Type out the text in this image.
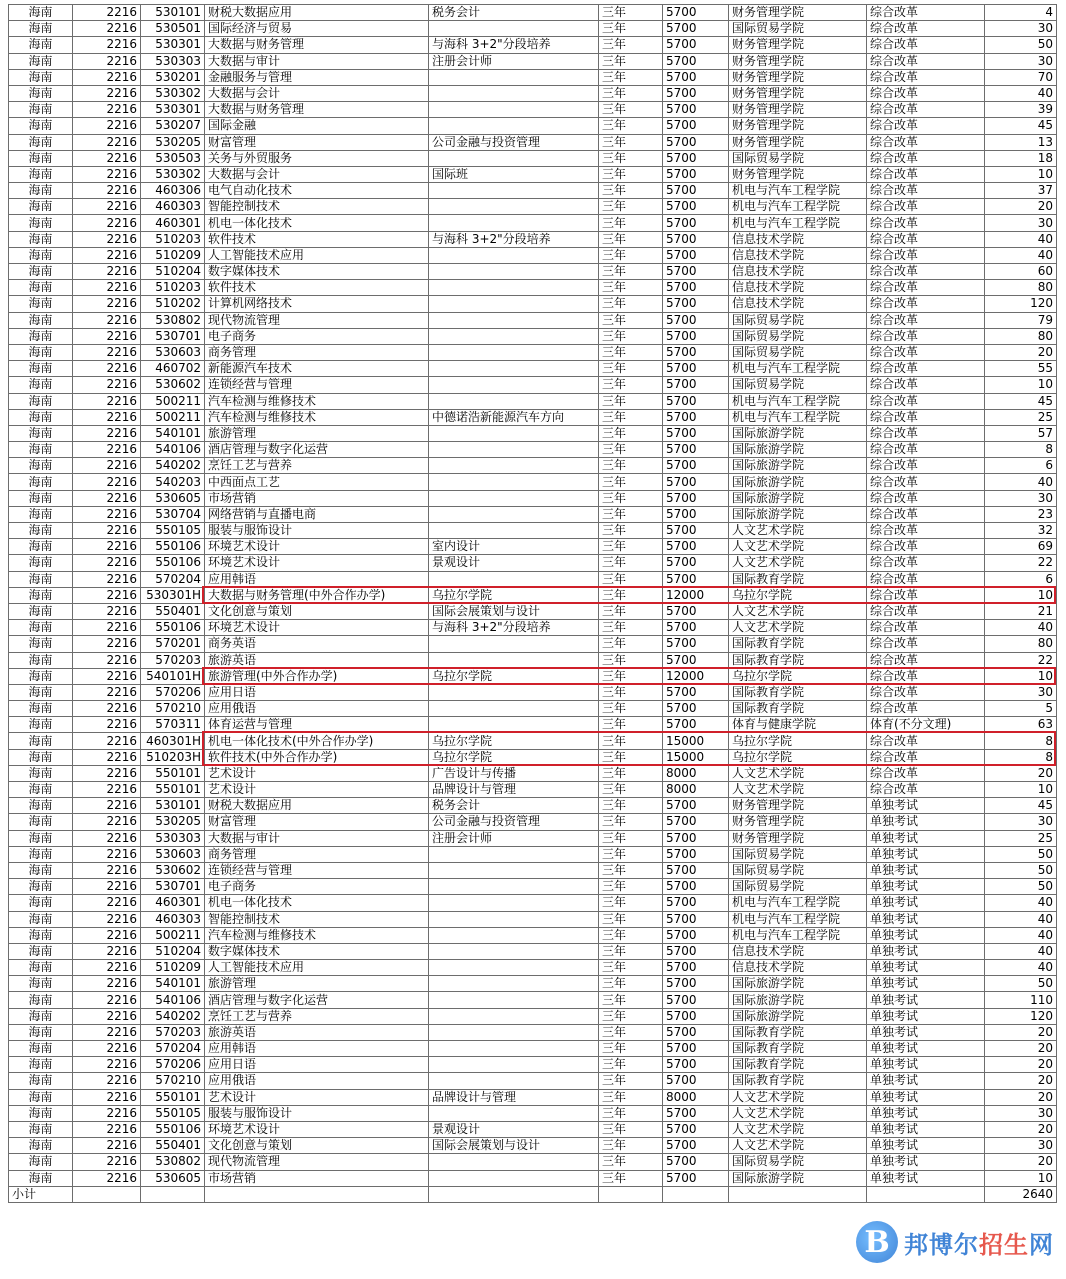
海南	2216	530101	财税大数据应用	税务会计	三年	5700	财务管理学院	综合改革	4
海南	2216	530501	国际经济与贸易		三年	5700	国际贸易学院	综合改革	30
海南	2216	530301	大数据与财务管理	与海科 3+2"分段培养	三年	5700	财务管理学院	综合改革	50
海南	2216	530303	大数据与审计	注册会计师	三年	5700	财务管理学院	综合改革	30
海南	2216	530201	金融服务与管理		三年	5700	财务管理学院	综合改革	70
海南	2216	530302	大数据与会计		三年	5700	财务管理学院	综合改革	40
海南	2216	530301	大数据与财务管理		三年	5700	财务管理学院	综合改革	39
海南	2216	530207	国际金融		三年	5700	财务管理学院	综合改革	45
海南	2216	530205	财富管理	公司金融与投资管理	三年	5700	财务管理学院	综合改革	13
海南	2216	530503	关务与外贸服务		三年	5700	国际贸易学院	综合改革	18
海南	2216	530302	大数据与会计	国际班	三年	5700	财务管理学院	综合改革	10
海南	2216	460306	电气自动化技术		三年	5700	机电与汽车工程学院	综合改革	37
海南	2216	460303	智能控制技术		三年	5700	机电与汽车工程学院	综合改革	20
海南	2216	460301	机电一体化技术		三年	5700	机电与汽车工程学院	综合改革	30
海南	2216	510203	软件技术	与海科 3+2"分段培养	三年	5700	信息技术学院	综合改革	40
海南	2216	510209	人工智能技术应用		三年	5700	信息技术学院	综合改革	40
海南	2216	510204	数字媒体技术		三年	5700	信息技术学院	综合改革	60
海南	2216	510203	软件技术		三年	5700	信息技术学院	综合改革	80
海南	2216	510202	计算机网络技术		三年	5700	信息技术学院	综合改革	120
海南	2216	530802	现代物流管理		三年	5700	国际贸易学院	综合改革	79
海南	2216	530701	电子商务		三年	5700	国际贸易学院	综合改革	80
海南	2216	530603	商务管理		三年	5700	国际贸易学院	综合改革	20
海南	2216	460702	新能源汽车技术		三年	5700	机电与汽车工程学院	综合改革	55
海南	2216	530602	连锁经营与管理		三年	5700	国际贸易学院	综合改革	10
海南	2216	500211	汽车检测与维修技术		三年	5700	机电与汽车工程学院	综合改革	45
海南	2216	500211	汽车检测与维修技术	中德诺浩新能源汽车方向	三年	5700	机电与汽车工程学院	综合改革	25
海南	2216	540101	旅游管理		三年	5700	国际旅游学院	综合改革	57
海南	2216	540106	酒店管理与数字化运营		三年	5700	国际旅游学院	综合改革	8
海南	2216	540202	烹饪工艺与营养		三年	5700	国际旅游学院	综合改革	6
海南	2216	540203	中西面点工艺		三年	5700	国际旅游学院	综合改革	40
海南	2216	530605	市场营销		三年	5700	国际旅游学院	综合改革	30
海南	2216	530704	网络营销与直播电商		三年	5700	国际旅游学院	综合改革	23
海南	2216	550105	服装与服饰设计		三年	5700	人文艺术学院	综合改革	32
海南	2216	550106	环境艺术设计	室内设计	三年	5700	人文艺术学院	综合改革	69
海南	2216	550106	环境艺术设计	景观设计	三年	5700	人文艺术学院	综合改革	22
海南	2216	570204	应用韩语		三年	5700	国际教育学院	综合改革	6
海南	2216	530301H	大数据与财务管理(中外合作办学)	乌拉尔学院	三年	12000	乌拉尔学院	综合改革	10
海南	2216	550401	文化创意与策划	国际会展策划与设计	三年	5700	人文艺术学院	综合改革	21
海南	2216	550106	环境艺术设计	与海科 3+2"分段培养	三年	5700	人文艺术学院	综合改革	40
海南	2216	570201	商务英语		三年	5700	国际教育学院	综合改革	80
海南	2216	570203	旅游英语		三年	5700	国际教育学院	综合改革	22
海南	2216	540101H	旅游管理(中外合作办学)	乌拉尔学院	三年	12000	乌拉尔学院	综合改革	10
海南	2216	570206	应用日语		三年	5700	国际教育学院	综合改革	30
海南	2216	570210	应用俄语		三年	5700	国际教育学院	综合改革	5
海南	2216	570311	体育运营与管理		三年	5700	体育与健康学院	体育(不分文理)	63
海南	2216	460301H	机电一体化技术(中外合作办学)	乌拉尔学院	三年	15000	乌拉尔学院	综合改革	8
海南	2216	510203H	软件技术(中外合作办学)	乌拉尔学院	三年	15000	乌拉尔学院	综合改革	8
海南	2216	550101	艺术设计	广告设计与传播	三年	8000	人文艺术学院	综合改革	20
海南	2216	550101	艺术设计	品牌设计与管理	三年	8000	人文艺术学院	综合改革	10
海南	2216	530101	财税大数据应用	税务会计	三年	5700	财务管理学院	单独考试	45
海南	2216	530205	财富管理	公司金融与投资管理	三年	5700	财务管理学院	单独考试	30
海南	2216	530303	大数据与审计	注册会计师	三年	5700	财务管理学院	单独考试	25
海南	2216	530603	商务管理		三年	5700	国际贸易学院	单独考试	50
海南	2216	530602	连锁经营与管理		三年	5700	国际贸易学院	单独考试	50
海南	2216	530701	电子商务		三年	5700	国际贸易学院	单独考试	50
海南	2216	460301	机电一体化技术		三年	5700	机电与汽车工程学院	单独考试	40
海南	2216	460303	智能控制技术		三年	5700	机电与汽车工程学院	单独考试	40
海南	2216	500211	汽车检测与维修技术		三年	5700	机电与汽车工程学院	单独考试	40
海南	2216	510204	数字媒体技术		三年	5700	信息技术学院	单独考试	40
海南	2216	510209	人工智能技术应用		三年	5700	信息技术学院	单独考试	40
海南	2216	540101	旅游管理		三年	5700	国际旅游学院	单独考试	50
海南	2216	540106	酒店管理与数字化运营		三年	5700	国际旅游学院	单独考试	110
海南	2216	540202	烹饪工艺与营养		三年	5700	国际旅游学院	单独考试	120
海南	2216	570203	旅游英语		三年	5700	国际教育学院	单独考试	20
海南	2216	570204	应用韩语		三年	5700	国际教育学院	单独考试	20
海南	2216	570206	应用日语		三年	5700	国际教育学院	单独考试	20
海南	2216	570210	应用俄语		三年	5700	国际教育学院	单独考试	20
海南	2216	550101	艺术设计	品牌设计与管理	三年	8000	人文艺术学院	单独考试	20
海南	2216	550105	服装与服饰设计		三年	5700	人文艺术学院	单独考试	30
海南	2216	550106	环境艺术设计	景观设计	三年	5700	人文艺术学院	单独考试	20
海南	2216	550401	文化创意与策划	国际会展策划与设计	三年	5700	人文艺术学院	单独考试	30
海南	2216	530802	现代物流管理		三年	5700	国际贸易学院	单独考试	20
海南	2216	530605	市场营销		三年	5700	国际旅游学院	单独考试	10
小计									2640
B 邦博尔招生网
